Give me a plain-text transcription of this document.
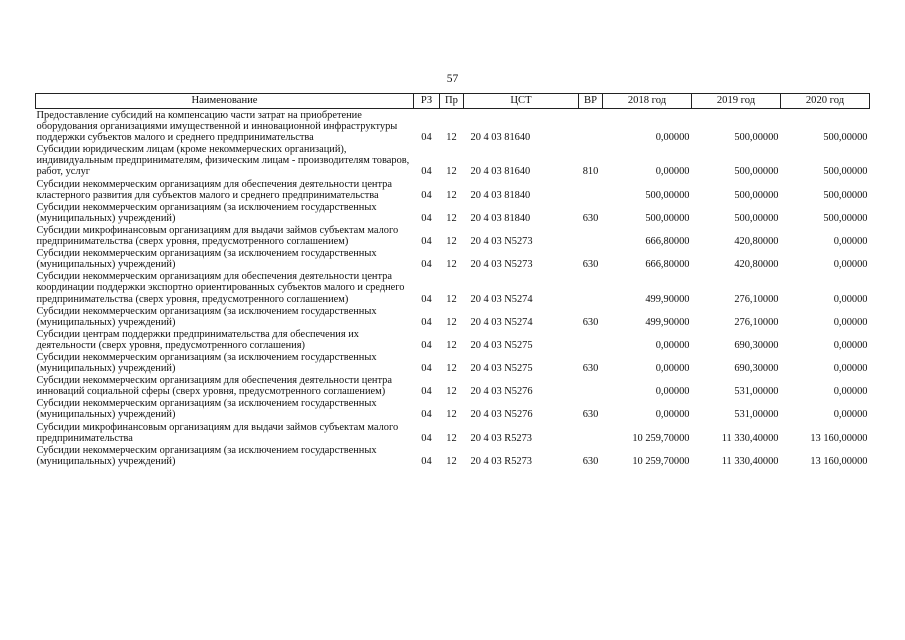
57
Наименование	РЗ	Пр	ЦСТ	ВР	2018 год	2019 год	2020 год
Предоставление субсидий на компенсацию части затрат на приобретение оборудования организациями имущественной и инновационной инфраструктуры поддержки субъектов малого и среднего предпринимательства	04	12	20 4 03 81640		0,00000	500,00000	500,00000
Субсидии юридическим лицам (кроме некоммерческих организаций), индивидуальным предпринимателям, физическим лицам - производителям товаров, работ, услуг	04	12	20 4 03 81640	810	0,00000	500,00000	500,00000
Субсидии некоммерческим организациям для обеспечения деятельности центра кластерного развития для субъектов малого и среднего предпринимательства	04	12	20 4 03 81840		500,00000	500,00000	500,00000
Субсидии некоммерческим организациям (за исключением государственных (муниципальных) учреждений)	04	12	20 4 03 81840	630	500,00000	500,00000	500,00000
Субсидии микрофинансовым организациям для выдачи займов субъектам малого предпринимательства (сверх уровня, предусмотренного соглашением)	04	12	20 4 03 N5273		666,80000	420,80000	0,00000
Субсидии некоммерческим организациям (за исключением государственных (муниципальных) учреждений)	04	12	20 4 03 N5273	630	666,80000	420,80000	0,00000
Субсидии некоммерческим организациям для обеспечения деятельности центра координации поддержки экспортно ориентированных субъектов малого и среднего предпринимательства (сверх уровня, предусмотренного соглашением)	04	12	20 4 03 N5274		499,90000	276,10000	0,00000
Субсидии некоммерческим организациям (за исключением государственных (муниципальных) учреждений)	04	12	20 4 03 N5274	630	499,90000	276,10000	0,00000
Субсидии центрам поддержки предпринимательства для обеспечения их деятельности (сверх уровня, предусмотренного соглашения)	04	12	20 4 03 N5275		0,00000	690,30000	0,00000
Субсидии некоммерческим организациям (за исключением государственных (муниципальных) учреждений)	04	12	20 4 03 N5275	630	0,00000	690,30000	0,00000
Субсидии некоммерческим организациям для обеспечения деятельности центра инноваций социальной сферы (сверх уровня, предусмотренного соглашением)	04	12	20 4 03 N5276		0,00000	531,00000	0,00000
Субсидии некоммерческим организациям (за исключением государственных (муниципальных) учреждений)	04	12	20 4 03 N5276	630	0,00000	531,00000	0,00000
Субсидии микрофинансовым организациям для выдачи займов субъектам малого предпринимательства	04	12	20 4 03 R5273		10 259,70000	11 330,40000	13 160,00000
Субсидии некоммерческим организациям (за исключением государственных (муниципальных) учреждений)	04	12	20 4 03 R5273	630	10 259,70000	11 330,40000	13 160,00000
